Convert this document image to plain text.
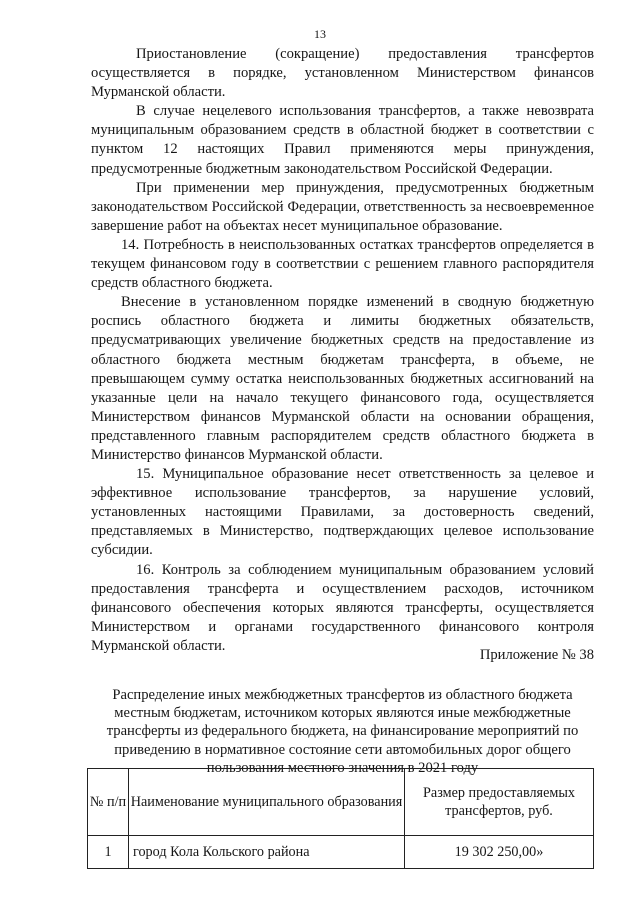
13

Приостановление (сокращение) предоставления трансфертов осуществляется в порядке, установленном Министерством финансов Мурманской области.

В случае нецелевого использования трансфертов, а также невозврата муниципальным образованием средств в областной бюджет в соответствии с пунктом 12 настоящих Правил применяются меры принуждения, предусмотренные бюджетным законодательством Российской Федерации.

При применении мер принуждения, предусмотренных бюджетным законодательством Российской Федерации, ответственность за несвоевременное завершение работ на объектах несет муниципальное образование.

14. Потребность в неиспользованных остатках трансфертов определяется в текущем финансовом году в соответствии с решением главного распорядителя средств областного бюджета.

Внесение в установленном порядке изменений в сводную бюджетную роспись областного бюджета и лимиты бюджетных обязательств, предусматривающих увеличение бюджетных средств на предоставление из областного бюджета местным бюджетам трансферта, в объеме, не превышающем сумму остатка неиспользованных бюджетных ассигнований на указанные цели на начало текущего финансового года, осуществляется Министерством финансов Мурманской области на основании обращения, представленного главным распорядителем средств областного бюджета в Министерство финансов Мурманской области.

15. Муниципальное образование несет ответственность за целевое и эффективное использование трансфертов, за нарушение условий, установленных настоящими Правилами, за достоверность сведений, представляемых в Министерство, подтверждающих целевое использование субсидии.

16. Контроль за соблюдением муниципальным образованием условий предоставления трансферта и осуществлением расходов, источником финансового обеспечения которых являются трансферты, осуществляется Министерством и органами государственного финансового контроля Мурманской области.

Приложение № 38
Распределение иных межбюджетных трансфертов из областного бюджета местным бюджетам, источником которых являются иные межбюджетные трансферты из федерального бюджета, на финансирование мероприятий по приведению в нормативное состояние сети автомобильных дорог общего пользования местного значения в 2021 году
№ п/п	Наименование муниципального образования	Размер предоставляемых трансфертов, руб.
1	город Кола Кольского района	19 302 250,00»
